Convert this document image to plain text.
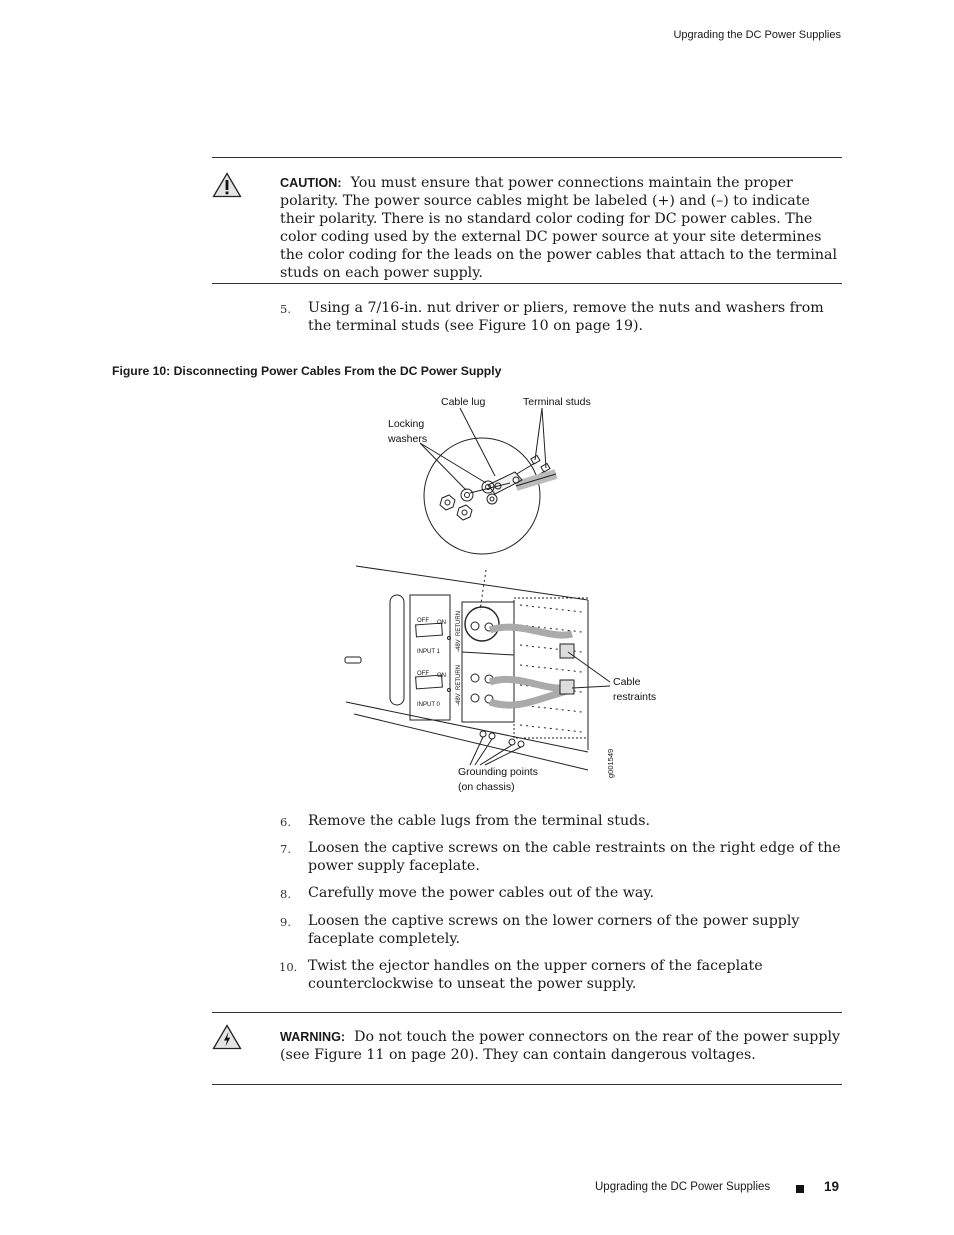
Upgrading the DC Power Supplies
CAUTION: You must ensure that power connections maintain the proper polarity. The power source cables might be labeled (+) and (–) to indicate their polarity. There is no standard color coding for DC power cables. The color coding used by the external DC power source at your site determines the color coding for the leads on the power cables that attach to the terminal studs on each power supply.
5. Using a 7/16-in. nut driver or pliers, remove the nuts and washers from the terminal studs (see Figure 10 on page 19).
Figure 10: Disconnecting Power Cables From the DC Power Supply
Cable lug	Terminal studs
Locking
washers
Cable
restraints
Grounding points
(on chassis)
OFF ON
INPUT 1
OFF ON
INPUT 0
-48V  RETURN
-48V  RETURN
g001549
6. Remove the cable lugs from the terminal studs.
7. Loosen the captive screws on the cable restraints on the right edge of the power supply faceplate.
8. Carefully move the power cables out of the way.
9. Loosen the captive screws on the lower corners of the power supply faceplate completely.
10. Twist the ejector handles on the upper corners of the faceplate counterclockwise to unseat the power supply.
WARNING: Do not touch the power connectors on the rear of the power supply (see Figure 11 on page 20). They can contain dangerous voltages.
Upgrading the DC Power Supplies	19
